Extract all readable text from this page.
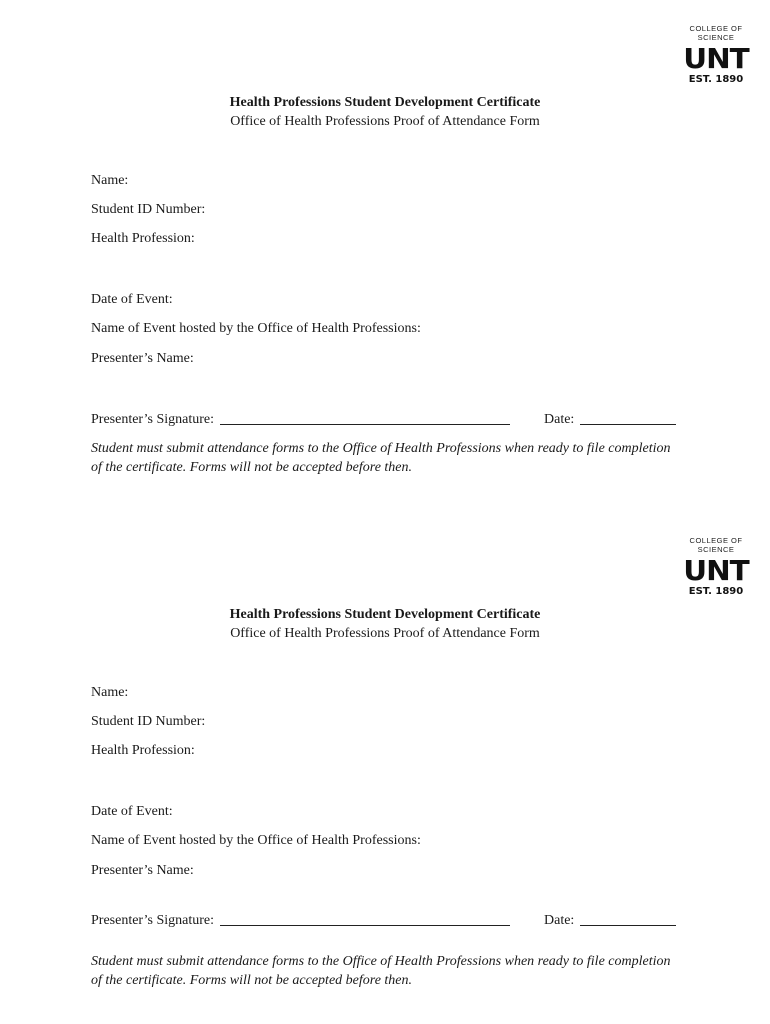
COLLEGE OF
SCIENCE
UNT
EST. 1890
Health Professions Student Development Certificate
Office of Health Professions Proof of Attendance Form
Name:
Student ID Number:
Health Profession:
Date of Event:
Name of Event hosted by the Office of Health Professions:
Presenter’s Name:
Presenter’s Signature:	Date:
Student must submit attendance forms to the Office of Health Professions when ready to file completion of the certificate. Forms will not be accepted before then.
COLLEGE OF
SCIENCE
UNT
EST. 1890
Health Professions Student Development Certificate
Office of Health Professions Proof of Attendance Form
Name:
Student ID Number:
Health Profession:
Date of Event:
Name of Event hosted by the Office of Health Professions:
Presenter’s Name:
Presenter’s Signature:	Date:
Student must submit attendance forms to the Office of Health Professions when ready to file completion of the certificate. Forms will not be accepted before then.
